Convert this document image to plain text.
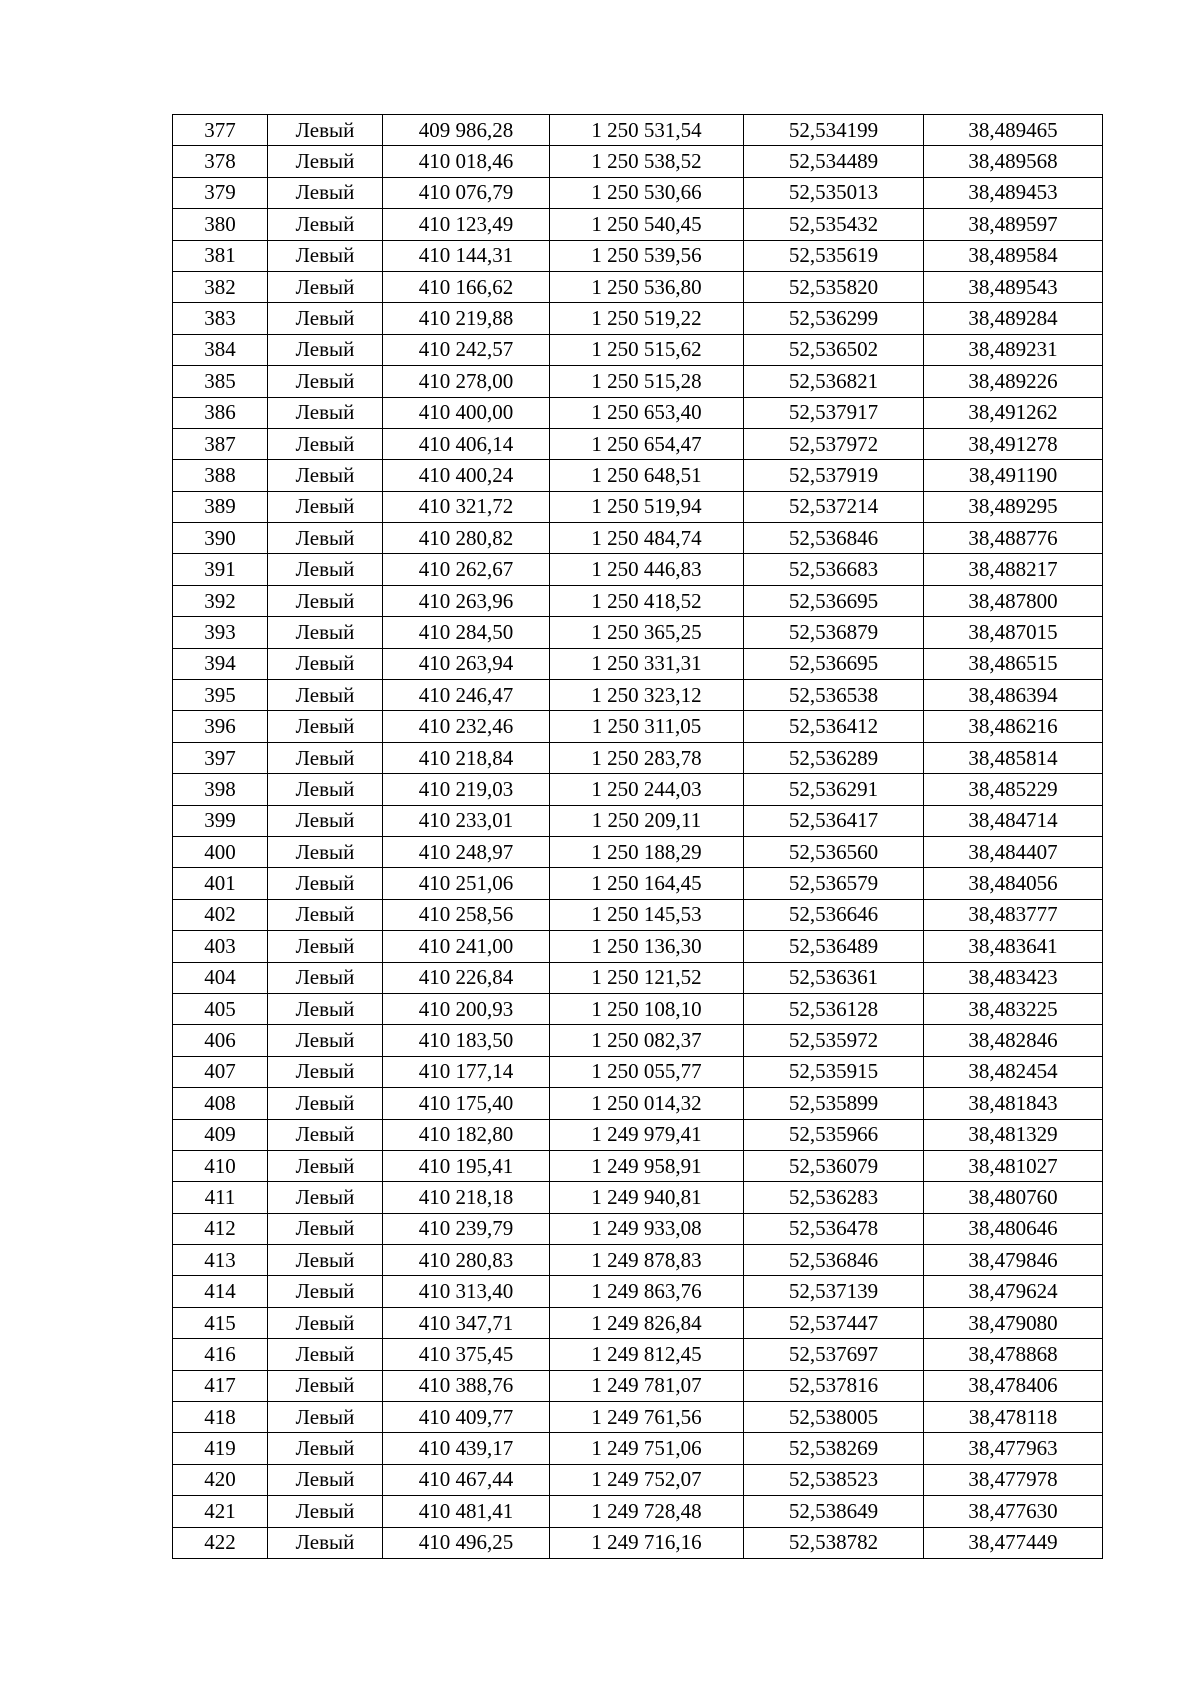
377	Левый	409 986,28	1 250 531,54	52,534199	38,489465
378	Левый	410 018,46	1 250 538,52	52,534489	38,489568
379	Левый	410 076,79	1 250 530,66	52,535013	38,489453
380	Левый	410 123,49	1 250 540,45	52,535432	38,489597
381	Левый	410 144,31	1 250 539,56	52,535619	38,489584
382	Левый	410 166,62	1 250 536,80	52,535820	38,489543
383	Левый	410 219,88	1 250 519,22	52,536299	38,489284
384	Левый	410 242,57	1 250 515,62	52,536502	38,489231
385	Левый	410 278,00	1 250 515,28	52,536821	38,489226
386	Левый	410 400,00	1 250 653,40	52,537917	38,491262
387	Левый	410 406,14	1 250 654,47	52,537972	38,491278
388	Левый	410 400,24	1 250 648,51	52,537919	38,491190
389	Левый	410 321,72	1 250 519,94	52,537214	38,489295
390	Левый	410 280,82	1 250 484,74	52,536846	38,488776
391	Левый	410 262,67	1 250 446,83	52,536683	38,488217
392	Левый	410 263,96	1 250 418,52	52,536695	38,487800
393	Левый	410 284,50	1 250 365,25	52,536879	38,487015
394	Левый	410 263,94	1 250 331,31	52,536695	38,486515
395	Левый	410 246,47	1 250 323,12	52,536538	38,486394
396	Левый	410 232,46	1 250 311,05	52,536412	38,486216
397	Левый	410 218,84	1 250 283,78	52,536289	38,485814
398	Левый	410 219,03	1 250 244,03	52,536291	38,485229
399	Левый	410 233,01	1 250 209,11	52,536417	38,484714
400	Левый	410 248,97	1 250 188,29	52,536560	38,484407
401	Левый	410 251,06	1 250 164,45	52,536579	38,484056
402	Левый	410 258,56	1 250 145,53	52,536646	38,483777
403	Левый	410 241,00	1 250 136,30	52,536489	38,483641
404	Левый	410 226,84	1 250 121,52	52,536361	38,483423
405	Левый	410 200,93	1 250 108,10	52,536128	38,483225
406	Левый	410 183,50	1 250 082,37	52,535972	38,482846
407	Левый	410 177,14	1 250 055,77	52,535915	38,482454
408	Левый	410 175,40	1 250 014,32	52,535899	38,481843
409	Левый	410 182,80	1 249 979,41	52,535966	38,481329
410	Левый	410 195,41	1 249 958,91	52,536079	38,481027
411	Левый	410 218,18	1 249 940,81	52,536283	38,480760
412	Левый	410 239,79	1 249 933,08	52,536478	38,480646
413	Левый	410 280,83	1 249 878,83	52,536846	38,479846
414	Левый	410 313,40	1 249 863,76	52,537139	38,479624
415	Левый	410 347,71	1 249 826,84	52,537447	38,479080
416	Левый	410 375,45	1 249 812,45	52,537697	38,478868
417	Левый	410 388,76	1 249 781,07	52,537816	38,478406
418	Левый	410 409,77	1 249 761,56	52,538005	38,478118
419	Левый	410 439,17	1 249 751,06	52,538269	38,477963
420	Левый	410 467,44	1 249 752,07	52,538523	38,477978
421	Левый	410 481,41	1 249 728,48	52,538649	38,477630
422	Левый	410 496,25	1 249 716,16	52,538782	38,477449
